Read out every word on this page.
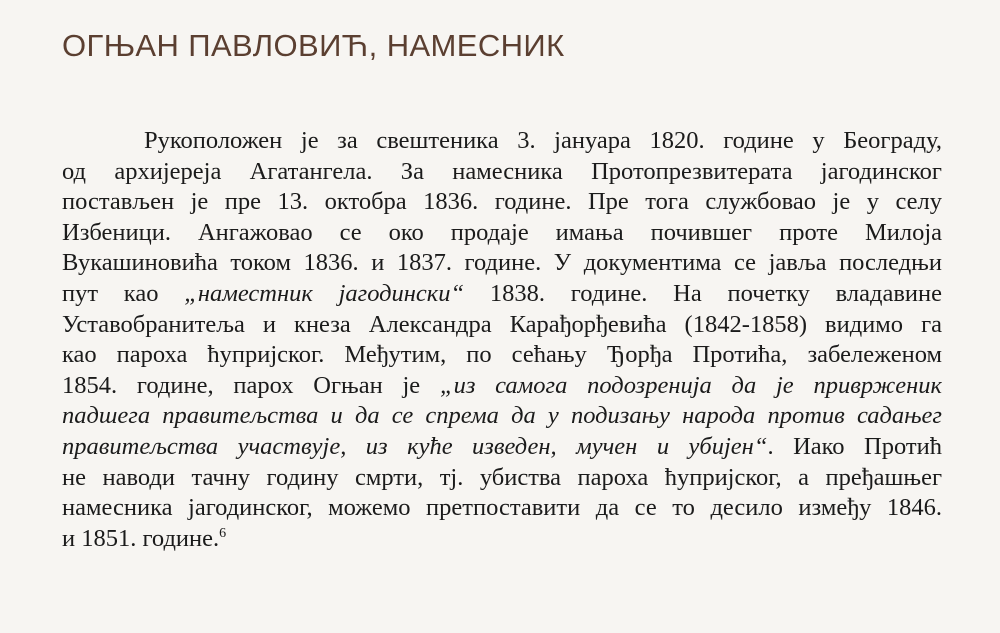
ОГЊАН ПАВЛОВИЋ, НАМЕСНИК
Рукоположен је за свештеника 3. јануара 1820. године у Београду,
од архијереја Агатангела. За намесника Протопрезвитерата јагодинског
постављен је пре 13. октобра 1836. године. Пре тога службовао је у селу
Избеници. Ангажовао се око продаје имања почившег проте Милоја
Вукашиновића током 1836. и 1837. године. У документима се јавља последњи
пут као „наместник јагодински“ 1838. године. На почетку владавине
Уставобранитеља и кнеза Александра Карађорђевића (1842-1858) видимо га
као пароха ћупријског. Међутим, по сећању Ђорђа Протића, забележеном
1854. године, парох Огњан је „из самога подозренија да је привржeник
падшега правитељства и да се спрема да у подизању народа против садањег
правитељства участвује, из куће изведен, мучен и убијен“. Иако Протић
не наводи тачну годину смрти, тј. убиства пароха ћупријског, а пређашњег
намесника јагодинског, можемо претпоставити да се то десило између 1846.
и 1851. године.$^6$
